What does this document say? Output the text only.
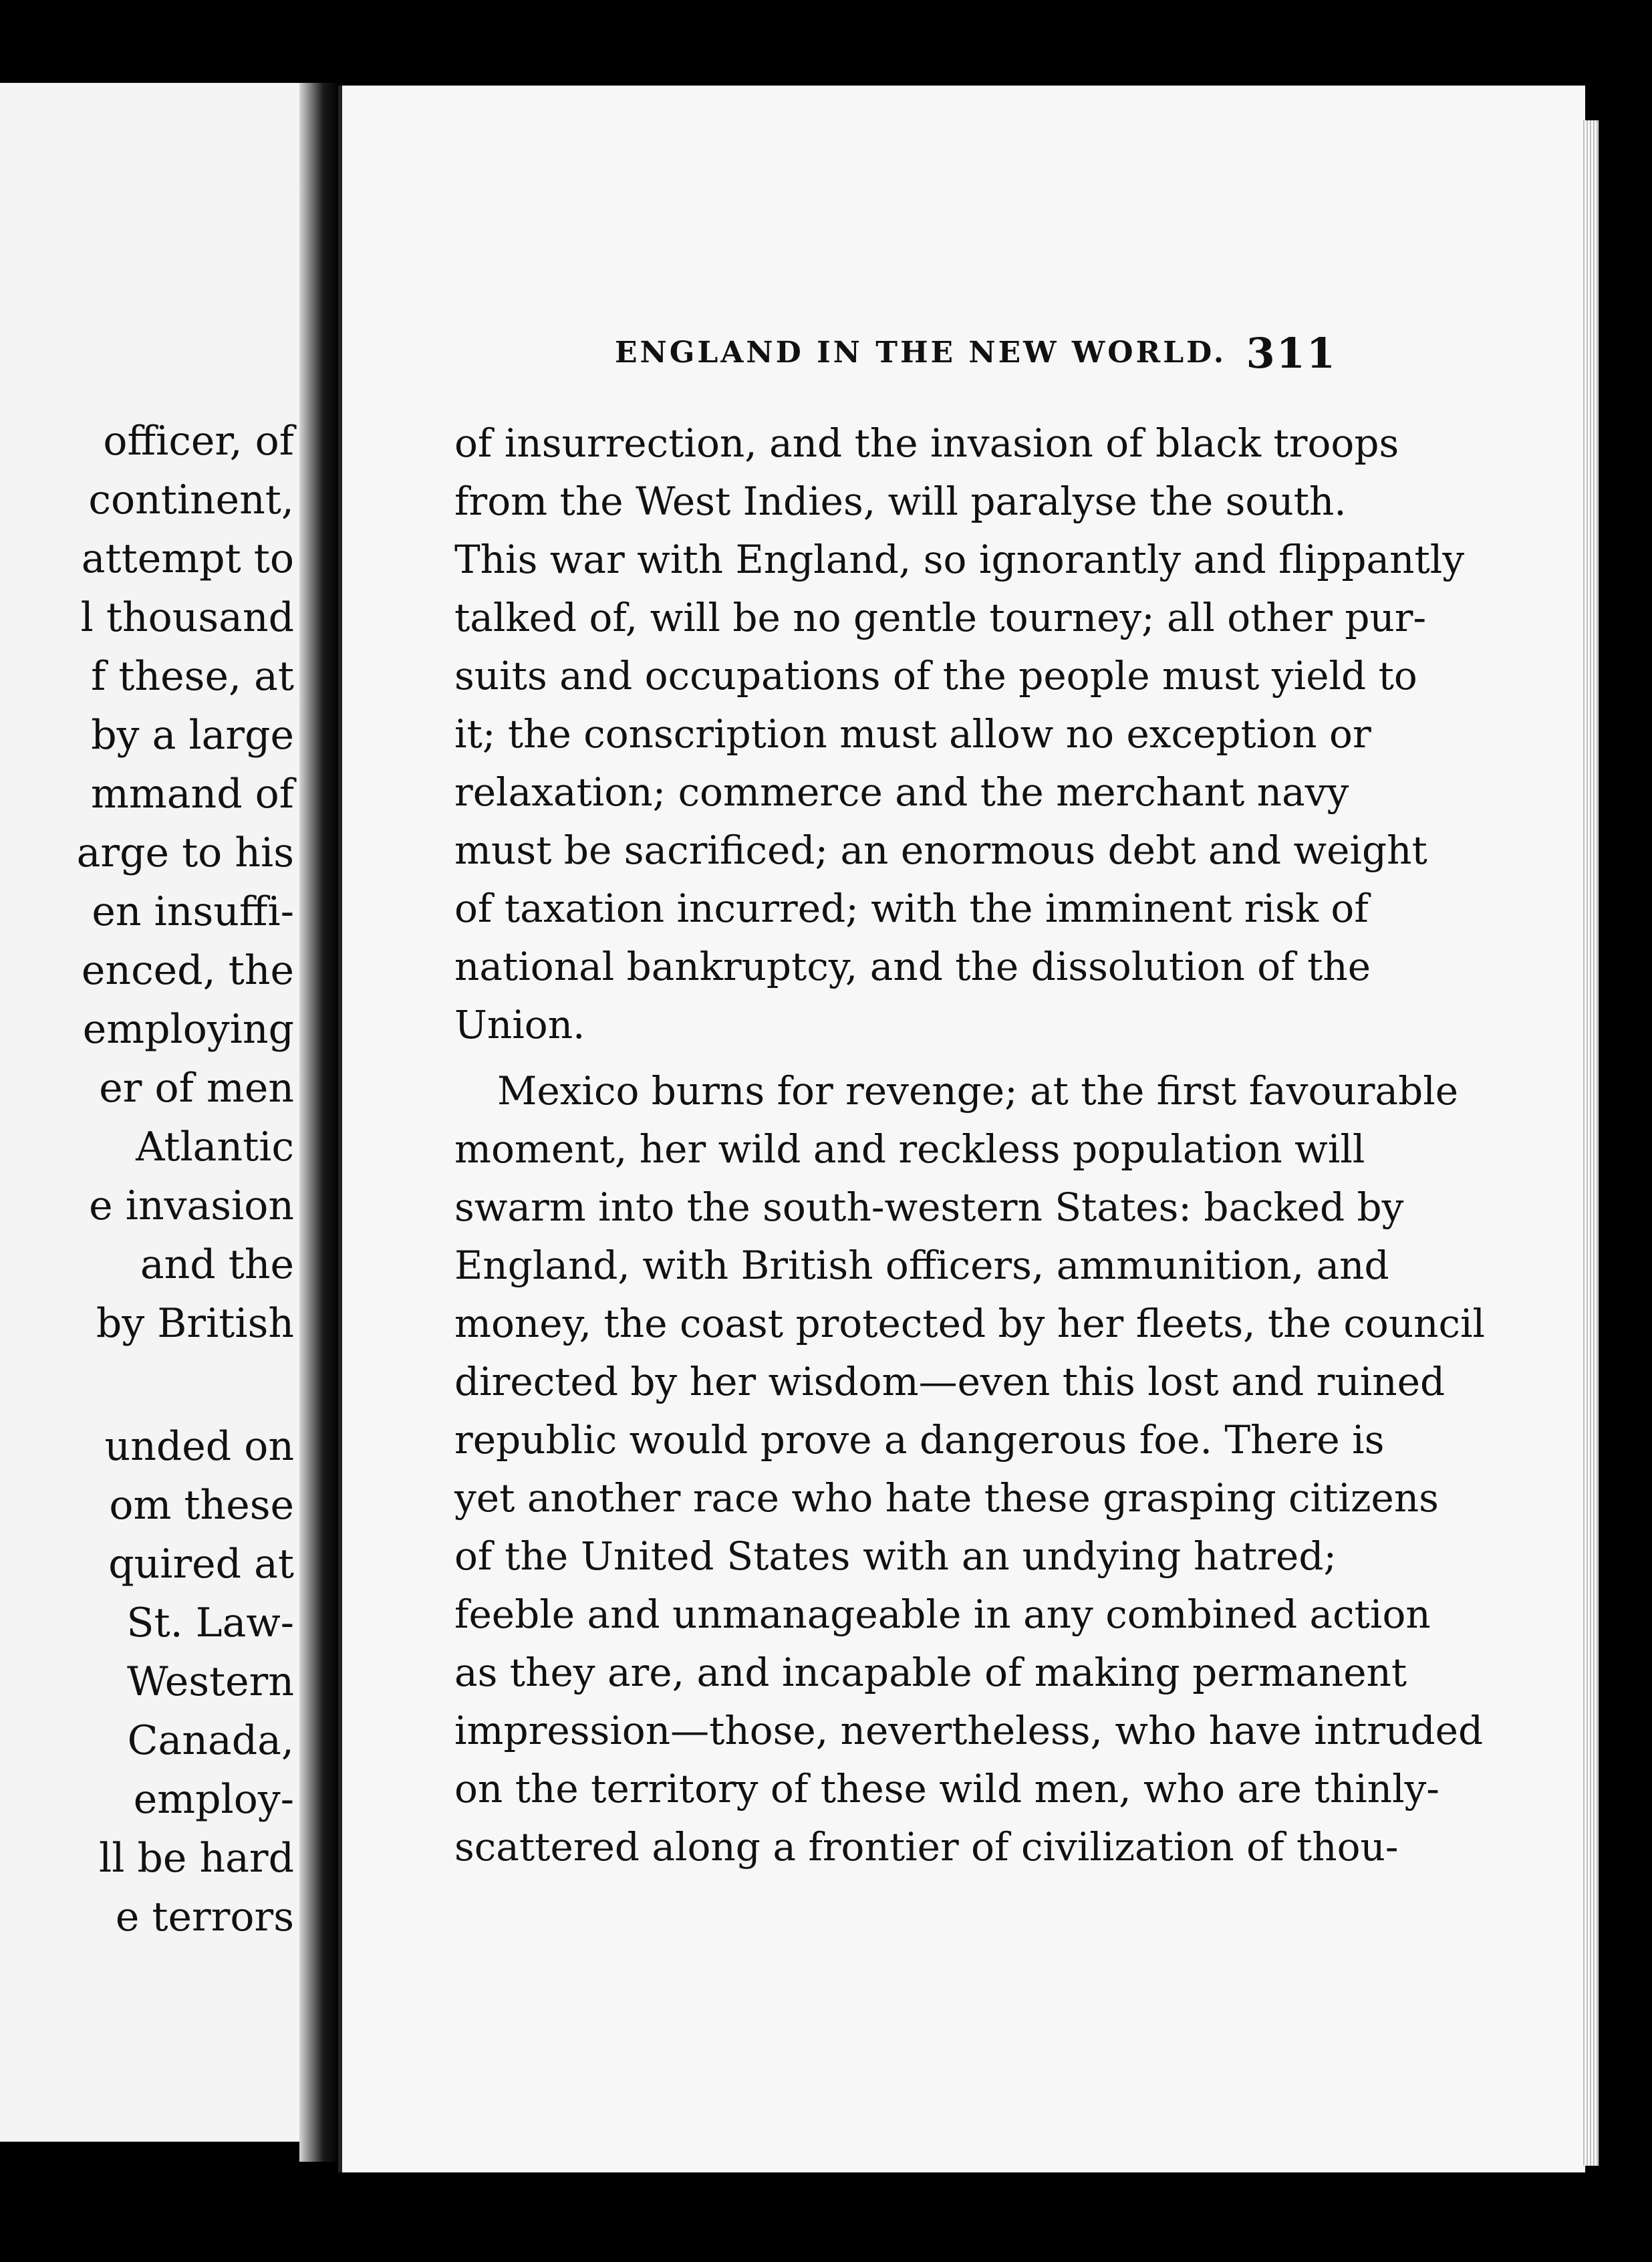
officer, of
continent,
attempt to
l thousand
f these, at
by a large
mmand of
arge to his
en insuffi-
enced, the
employing
er of men
Atlantic
e invasion
and the
by British
unded on
om these
quired at
St. Law-
Western
Canada,
employ-
ll be hard
e terrors
ENGLAND IN THE NEW WORLD. 311
of insurrection, and the invasion of black troops
from the West Indies, will paralyse the south.
This war with England, so ignorantly and flippantly
talked of, will be no gentle tourney; all other pur-
suits and occupations of the people must yield to
it; the conscription must allow no exception or
relaxation; commerce and the merchant navy
must be sacrificed; an enormous debt and weight
of taxation incurred; with the imminent risk of
national bankruptcy, and the dissolution of the
Union.
Mexico burns for revenge; at the first favourable
moment, her wild and reckless population will
swarm into the south-western States: backed by
England, with British officers, ammunition, and
money, the coast protected by her fleets, the council
directed by her wisdom—even this lost and ruined
republic would prove a dangerous foe. There is
yet another race who hate these grasping citizens
of the United States with an undying hatred;
feeble and unmanageable in any combined action
as they are, and incapable of making permanent
impression—those, nevertheless, who have intruded
on the territory of these wild men, who are thinly-
scattered along a frontier of civilization of thou-
